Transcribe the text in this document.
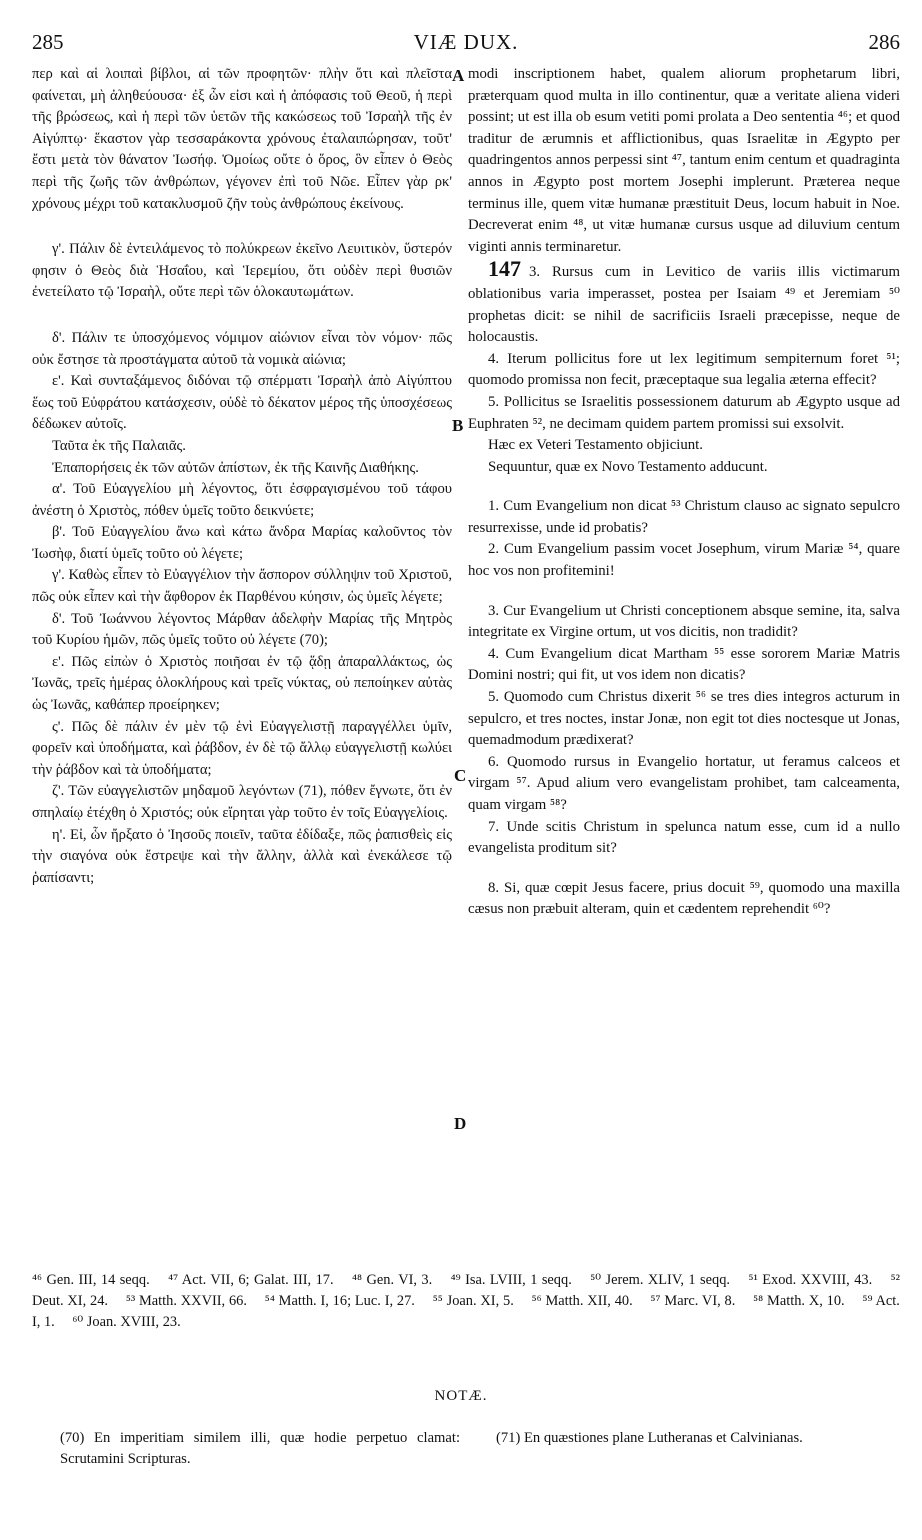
285	VIÆ DUX.	286

περ καὶ αἱ λοιπαὶ βίβλοι, αἱ τῶν προφητῶν· πλὴν ὅτι καὶ πλεῖστα φαίνεται, μὴ ἀληθεύουσα· ἐξ ὧν εἰσι καὶ ἡ ἀπόφασις τοῦ Θεοῦ, ἡ περὶ τῆς βρώσεως, καὶ ἡ περὶ τῶν ὑετῶν τῆς κακώσεως τοῦ Ἰσραὴλ τῆς ἐν Αἰγύπτῳ· ἕκαστον γὰρ τεσσαράκοντα χρόνους ἐταλαιπώρησαν, τοῦτ' ἔστι μετὰ τὸν θάνατον Ἰωσήφ. Ὁμοίως οὔτε ὁ ὅρος, ὃν εἶπεν ὁ Θεὸς περὶ τῆς ζωῆς τῶν ἀνθρώπων, γέγονεν ἐπὶ τοῦ Νῶε. Εἶπεν γὰρ ρκ' χρόνους μέχρι τοῦ κατακλυσμοῦ ζῆν τοὺς ἀνθρώπους ἐκείνους.

γ'. Πάλιν δὲ ἐντειλάμενος τὸ πολύκρεων ἐκεῖνο Λευιτικὸν, ὕστερόν φησιν ὁ Θεὸς διὰ Ἡσαΐου, καὶ Ἱερεμίου, ὅτι οὐδὲν περὶ θυσιῶν ἐνετείλατο τῷ Ἰσραὴλ, οὔτε περὶ τῶν ὁλοκαυτωμάτων.

δ'. Πάλιν τε ὑποσχόμενος νόμιμον αἰώνιον εἶναι τὸν νόμον· πῶς οὐκ ἔστησε τὰ προστάγματα αὐτοῦ τὰ νομικὰ αἰώνια;

ε'. Καὶ συνταξάμενος διδόναι τῷ σπέρματι Ἰσραὴλ ἀπὸ Αἰγύπτου ἕως τοῦ Εὐφράτου κατάσχεσιν, οὐδὲ τὸ δέκατον μέρος τῆς ὑποσχέσεως δέδωκεν αὐτοῖς.

Ταῦτα ἐκ τῆς Παλαιᾶς.

Ἐπαπορήσεις ἐκ τῶν αὐτῶν ἀπίστων, ἐκ τῆς Καινῆς Διαθήκης.

α'. Τοῦ Εὐαγγελίου μὴ λέγοντος, ὅτι ἐσφραγισμένου τοῦ τάφου ἀνέστη ὁ Χριστὸς, πόθεν ὑμεῖς τοῦτο δεικνύετε;

β'. Τοῦ Εὐαγγελίου ἄνω καὶ κάτω ἄνδρα Μαρίας καλοῦντος τὸν Ἰωσὴφ, διατί ὑμεῖς τοῦτο οὐ λέγετε;

γ'. Καθὼς εἶπεν τὸ Εὐαγγέλιον τὴν ἄσπορον σύλληψιν τοῦ Χριστοῦ, πῶς οὐκ εἶπεν καὶ τὴν ἄφθορον ἐκ Παρθένου κύησιν, ὡς ὑμεῖς λέγετε;

δ'. Τοῦ Ἰωάννου λέγοντος Μάρθαν ἀδελφὴν Μαρίας τῆς Μητρὸς τοῦ Κυρίου ἡμῶν, πῶς ὑμεῖς τοῦτο οὐ λέγετε (70);

ε'. Πῶς εἰπὼν ὁ Χριστὸς ποιῆσαι ἐν τῷ ᾅδῃ ἀπαραλλάκτως, ὡς Ἰωνᾶς, τρεῖς ἡμέρας ὁλοκλήρους καὶ τρεῖς νύκτας, οὐ πεποίηκεν αὐτὰς ὡς Ἰωνᾶς, καθάπερ προείρηκεν;

ς'. Πῶς δὲ πάλιν ἐν μὲν τῷ ἑνὶ Εὐαγγελιστῇ παραγγέλλει ὑμῖν, φορεῖν καὶ ὑποδήματα, καὶ ῥάβδον, ἐν δὲ τῷ ἄλλῳ εὐαγγελιστῇ κωλύει τὴν ῥάβδον καὶ τὰ ὑποδήματα;

ζ'. Τῶν εὐαγγελιστῶν μηδαμοῦ λεγόντων (71), πόθεν ἔγνωτε, ὅτι ἐν σπηλαίῳ ἐτέχθη ὁ Χριστός; οὐκ εἴρηται γὰρ τοῦτο ἐν τοῖς Εὐαγγελίοις.

η'. Εἰ, ὧν ἤρξατο ὁ Ἰησοῦς ποιεῖν, ταῦτα ἐδίδαξε, πῶς ῥαπισθεὶς εἰς τὴν σιαγόνα οὐκ ἔστρεψε καὶ τὴν ἄλλην, ἀλλὰ καὶ ἐνεκάλεσε τῷ ῥαπίσαντι;

A
B
C
D

modi inscriptionem habet, qualem aliorum prophetarum libri, præterquam quod multa in illo continentur, quæ a veritate aliena videri possint; ut est illa ob esum vetiti pomi prolata a Deo sententia ⁴⁶; et quod traditur de ærumnis et afflictionibus, quas Israelitæ in Ægypto per quadringentos annos perpessi sint ⁴⁷, tantum enim centum et quadraginta annos in Ægypto post mortem Josephi implerunt. Præterea neque terminus ille, quem vitæ humanæ præstituit Deus, locum habuit in Noe. Decreverat enim ⁴⁸, ut vitæ humanæ cursus usque ad diluvium centum viginti annis terminaretur.

147 3. Rursus cum in Levitico de variis illis victimarum oblationibus varia imperasset, postea per Isaiam ⁴⁹ et Jeremiam ⁵⁰ prophetas dicit: se nihil de sacrificiis Israeli præcepisse, neque de holocaustis.

4. Iterum pollicitus fore ut lex legitimum sempiternum foret ⁵¹; quomodo promissa non fecit, præceptaque sua legalia æterna effecit?

5. Pollicitus se Israelitis possessionem daturum ab Ægypto usque ad Euphraten ⁵², ne decimam quidem partem promissi sui exsolvit.

Hæc ex Veteri Testamento objiciunt.

Sequuntur, quæ ex Novo Testamento adducunt.

1. Cum Evangelium non dicat ⁵³ Christum clauso ac signato sepulcro resurrexisse, unde id probatis?

2. Cum Evangelium passim vocet Josephum, virum Mariæ ⁵⁴, quare hoc vos non profitemini!

3. Cur Evangelium ut Christi conceptionem absque semine, ita, salva integritate ex Virgine ortum, ut vos dicitis, non tradidit?

4. Cum Evangelium dicat Martham ⁵⁵ esse sororem Mariæ Matris Domini nostri; qui fit, ut vos idem non dicatis?

5. Quomodo cum Christus dixerit ⁵⁶ se tres dies integros acturum in sepulcro, et tres noctes, instar Jonæ, non egit tot dies noctesque ut Jonas, quemadmodum prædixerat?

6. Quomodo rursus in Evangelio hortatur, ut feramus calceos et virgam ⁵⁷. Apud alium vero evangelistam prohibet, tam calceamenta, quam virgam ⁵⁸?

7. Unde scitis Christum in spelunca natum esse, cum id a nullo evangelista proditum sit?

8. Si, quæ cœpit Jesus facere, prius docuit ⁵⁹, quomodo una maxilla cæsus non præbuit alteram, quin et cædentem reprehendit ⁶⁰?

⁴⁶ Gen. III, 14 seqq. ⁴⁷ Act. VII, 6; Galat. III, 17. ⁴⁸ Gen. VI, 3. ⁴⁹ Isa. LVIII, 1 seqq. ⁵⁰ Jerem. XLIV, 1 seqq. ⁵¹ Exod. XXVIII, 43. ⁵² Deut. XI, 24. ⁵³ Matth. XXVII, 66. ⁵⁴ Matth. I, 16; Luc. I, 27. ⁵⁵ Joan. XI, 5. ⁵⁶ Matth. XII, 40. ⁵⁷ Marc. VI, 8. ⁵⁸ Matth. X, 10. ⁵⁹ Act. I, 1. ⁶⁰ Joan. XVIII, 23.
NOTÆ.
(70) En imperitiam similem illi, quæ hodie perpetuo clamat: Scrutamini Scripturas.
(71) En quæstiones plane Lutheranas et Calvinianas.
